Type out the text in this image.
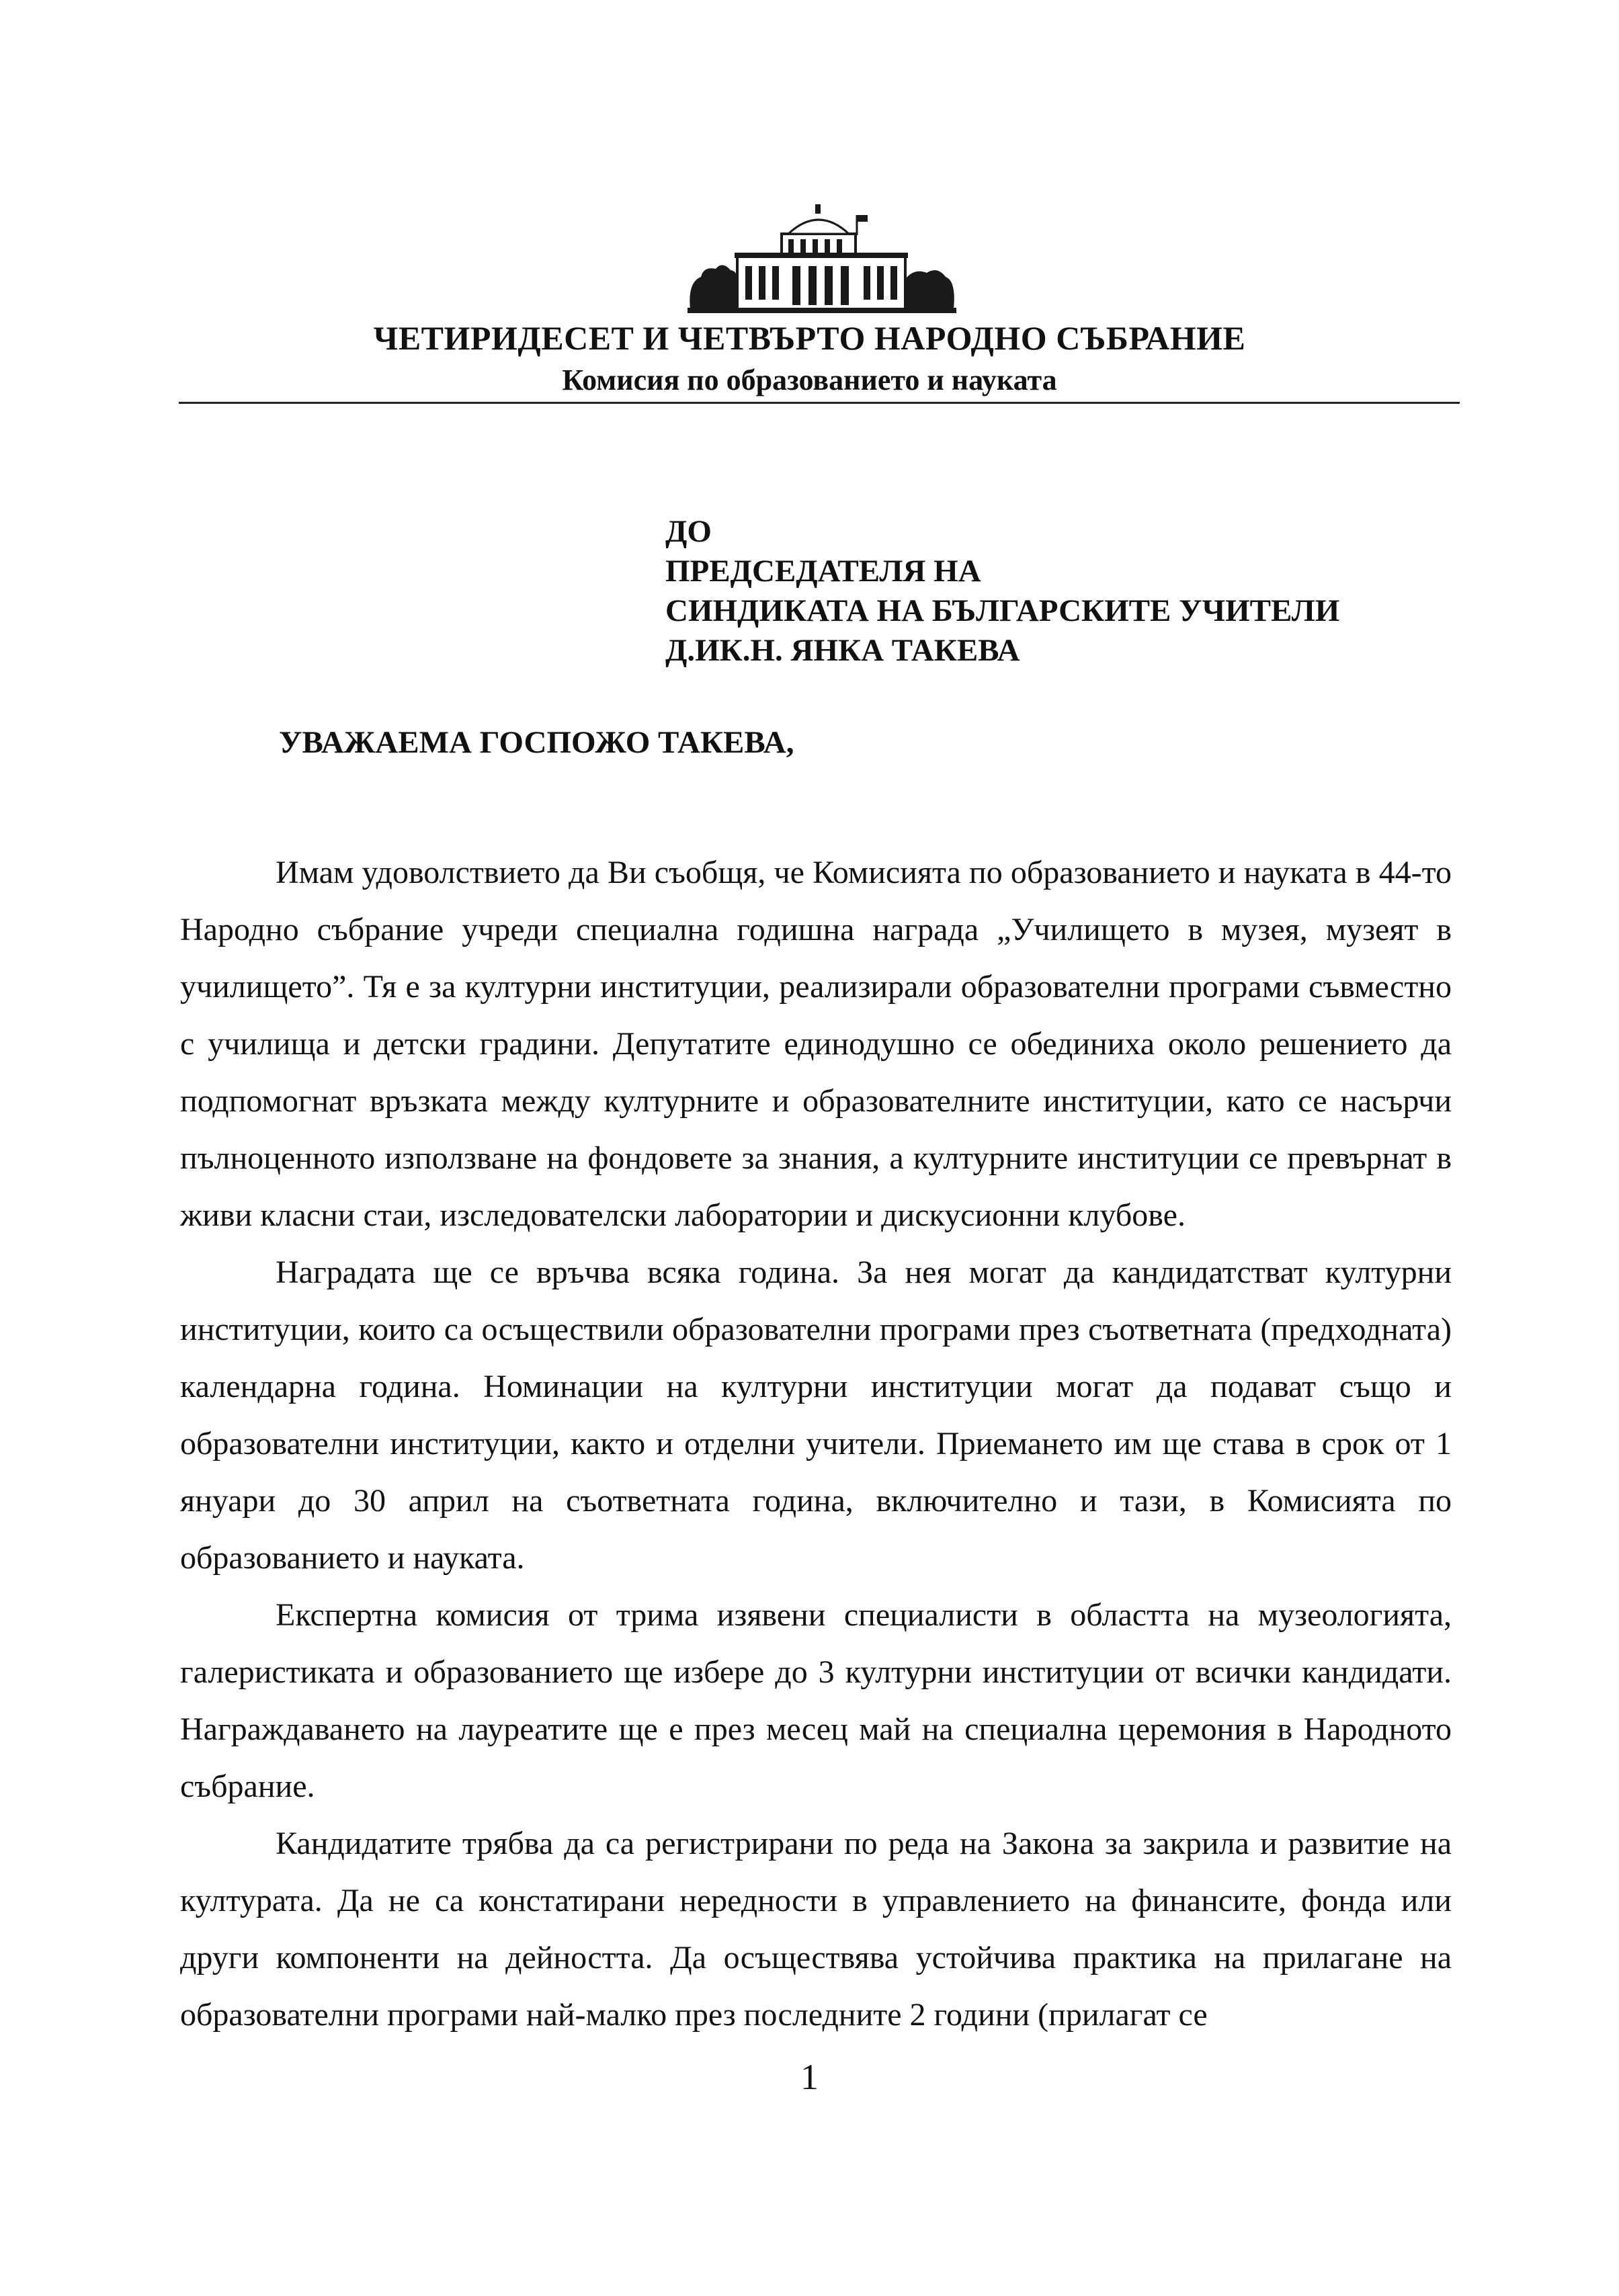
ЧЕТИРИДЕСЕТ И ЧЕТВЪРТО НАРОДНО СЪБРАНИЕ
Комисия по образованието и науката
ДО
ПРЕДСЕДАТЕЛЯ НА
СИНДИКАТА НА БЪЛГАРСКИТЕ УЧИТЕЛИ
Д.ИК.Н. ЯНКА ТАКЕВА
УВАЖАЕМА ГОСПОЖО ТАКЕВА,

Имам удоволствието да Ви съобщя, че Комисията по образованието и науката в 44-то Народно събрание учреди специална годишна награда „Училището в музея, музеят в училището”. Тя е за културни институции, реализирали образователни програми съвместно с училища и детски градини. Депутатите единодушно се обединиха около решението да подпомогнат връзката между културните и образователните институции, като се насърчи пълноценното използване на фондовете за знания, а културните институции се превърнат в живи класни стаи, изследователски лаборатории и дискусионни клубове.

Наградата ще се връчва всяка година. За нея могат да кандидатстват културни институции, които са осъществили образователни програми през съответната (предходната) календарна година. Номинации на културни институции могат да подават също и образователни институции, както и отделни учители. Приемането им ще става в срок от 1 януари до 30 април на съответната година, включително и тази, в Комисията по образованието и науката.

Експертна комисия от трима изявени специалисти в областта на музеологията, галеристиката и образованието ще избере до 3 културни институции от всички кандидати. Награждаването на лауреатите ще е през месец май на специална церемония в Народното събрание.

Кандидатите трябва да са регистрирани по реда на Закона за закрила и развитие на културата. Да не са констатирани нередности в управлението на финансите, фонда или други компоненти на дейността. Да осъществява устойчива практика на прилагане на образователни програми най-малко през последните 2 години (прилагат се

1
